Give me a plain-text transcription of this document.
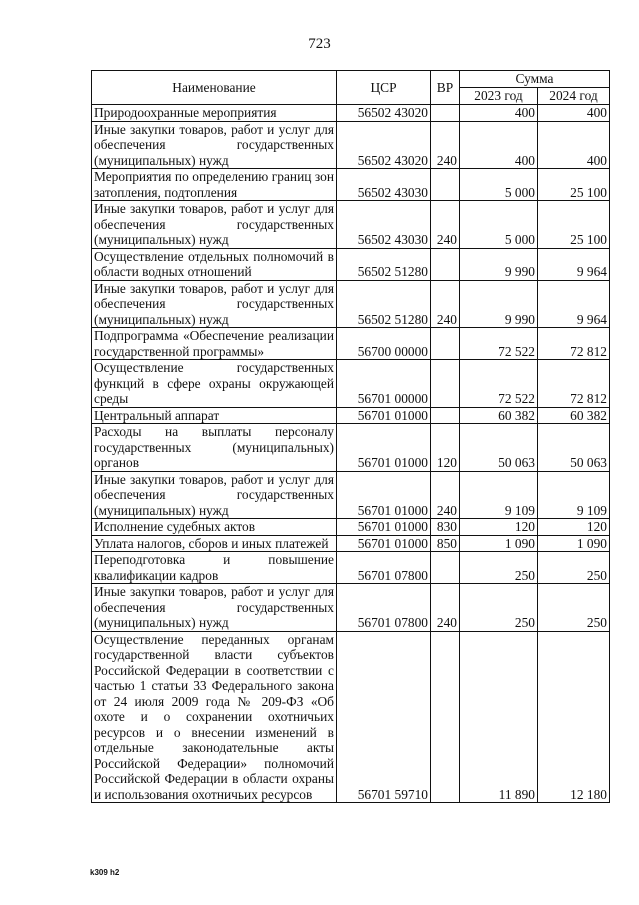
723
Наименование	ЦСР	ВР	Сумма	
			2023 год	2024 год
Природоохранные мероприятия	56502 43020		400	400
Иные закупки товаров, работ и услуг для обеспечения государственных (муниципальных) нужд	56502 43020	240	400	400
Мероприятия по определению границ зон затопления, подтопления	56502 43030		5 000	25 100
Иные закупки товаров, работ и услуг для обеспечения государственных (муниципальных) нужд	56502 43030	240	5 000	25 100
Осуществление отдельных полномочий в области водных отношений	56502 51280		9 990	9 964
Иные закупки товаров, работ и услуг для обеспечения государственных (муниципальных) нужд	56502 51280	240	9 990	9 964
Подпрограмма «Обеспечение реализации государственной программы»	56700 00000		72 522	72 812
Осуществление государственных функций в сфере охраны окружающей среды	56701 00000		72 522	72 812
Центральный аппарат	56701 01000		60 382	60 382
Расходы на выплаты персоналу государственных (муниципальных) органов	56701 01000	120	50 063	50 063
Иные закупки товаров, работ и услуг для обеспечения государственных (муниципальных) нужд	56701 01000	240	9 109	9 109
Исполнение судебных актов	56701 01000	830	120	120
Уплата налогов, сборов и иных платежей	56701 01000	850	1 090	1 090
Переподготовка и повышение квалификации кадров	56701 07800		250	250
Иные закупки товаров, работ и услуг для обеспечения государственных (муниципальных) нужд	56701 07800	240	250	250
Осуществление переданных органам государственной власти субъектов Российской Федерации в соответствии с частью 1 статьи 33 Федерального закона от 24 июля 2009 года № 209-ФЗ «Об охоте и о сохранении охотничьих ресурсов и о внесении изменений в отдельные законодательные акты Российской Федерации» полномочий Российской Федерации в области охраны и использования охотничьих ресурсов	56701 59710		11 890	12 180
k309 h2
